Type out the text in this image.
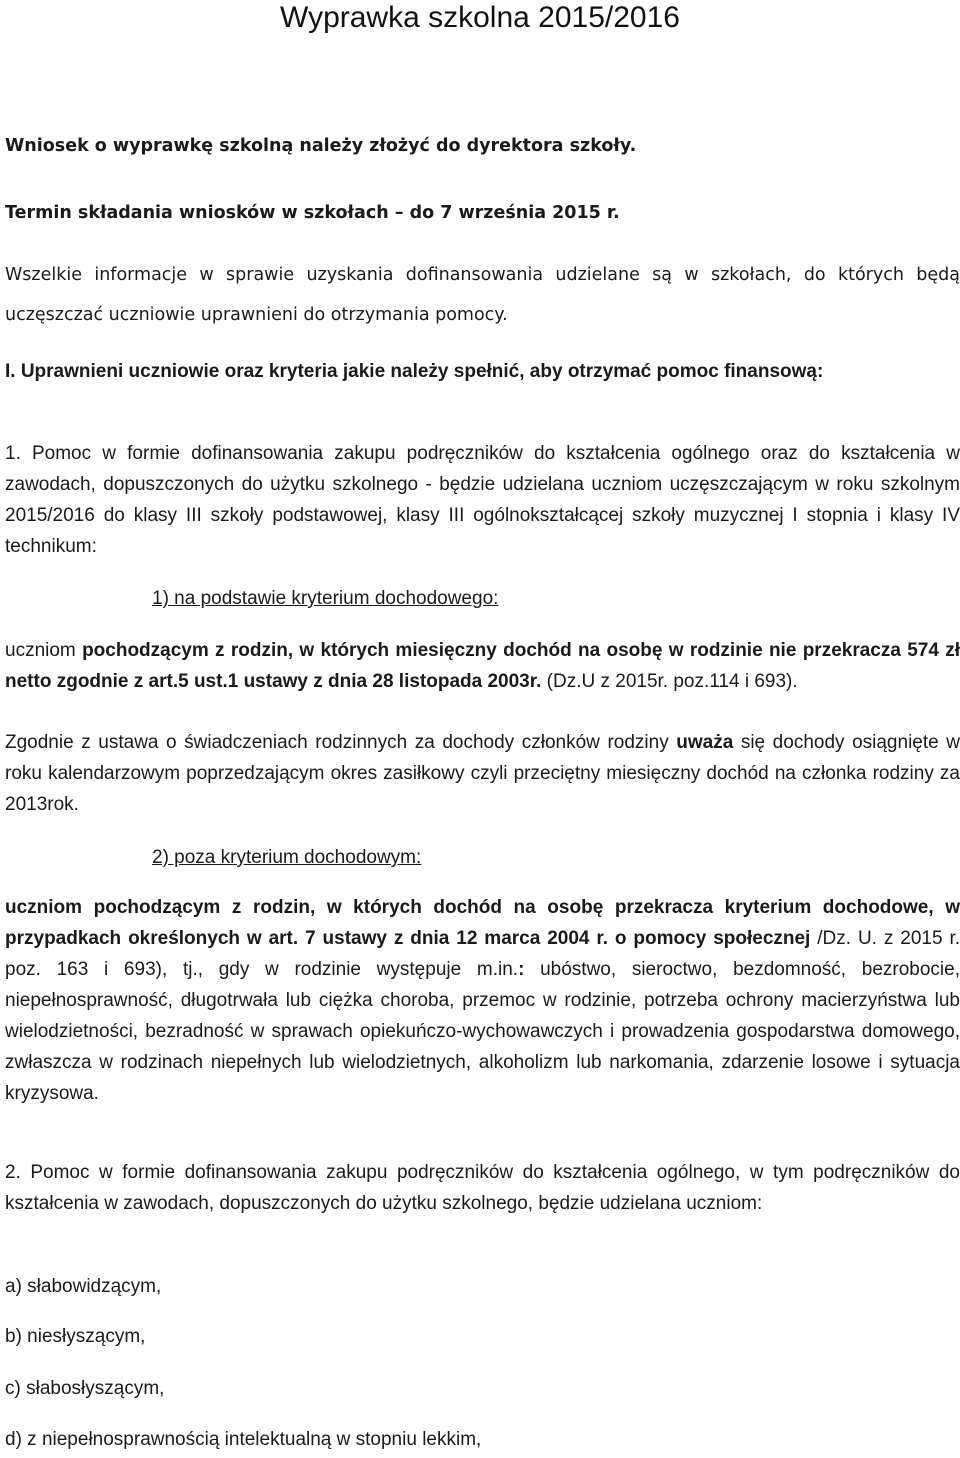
Wyprawka szkolna 2015/2016

Wniosek o wyprawkę szkolną należy złożyć do dyrektora szkoły.

Termin składania wniosków w szkołach – do 7 września 2015 r.

Wszelkie informacje w sprawie uzyskania dofinansowania udzielane są w szkołach, do których będą uczęszczać uczniowie uprawnieni do otrzymania pomocy.

I. Uprawnieni uczniowie oraz kryteria jakie należy spełnić, aby otrzymać pomoc finansową:

1. Pomoc w formie dofinansowania zakupu podręczników do kształcenia ogólnego oraz do kształcenia w zawodach, dopuszczonych do użytku szkolnego - będzie udzielana uczniom uczęszczającym w roku szkolnym 2015/2016 do klasy III szkoły podstawowej, klasy III ogólnokształcącej szkoły muzycznej I stopnia i klasy IV technikum:

1) na podstawie kryterium dochodowego:

uczniom pochodzącym z rodzin, w których miesięczny dochód na osobę w rodzinie nie przekracza 574 zł netto zgodnie z art.5 ust.1 ustawy z dnia 28 listopada 2003r. (Dz.U z 2015r. poz.114 i 693).

Zgodnie z ustawa o świadczeniach rodzinnych za dochody członków rodziny uważa się dochody osiągnięte w roku kalendarzowym poprzedzającym okres zasiłkowy czyli przeciętny miesięczny dochód na członka rodziny za 2013rok.

2) poza kryterium dochodowym:

uczniom pochodzącym z rodzin, w których dochód na osobę przekracza kryterium dochodowe, w przypadkach określonych w art. 7 ustawy z dnia 12 marca 2004 r. o pomocy społecznej /Dz. U. z 2015 r. poz. 163 i 693), tj., gdy w rodzinie występuje m.in.: ubóstwo, sieroctwo, bezdomność, bezrobocie, niepełnosprawność, długotrwała lub ciężka choroba, przemoc w rodzinie, potrzeba ochrony macierzyństwa lub wielodzietności, bezradność w sprawach opiekuńczo-wychowawczych i prowadzenia gospodarstwa domowego, zwłaszcza w rodzinach niepełnych lub wielodzietnych, alkoholizm lub narkomania, zdarzenie losowe i sytuacja kryzysowa.

2. Pomoc w formie dofinansowania zakupu podręczników do kształcenia ogólnego, w tym podręczników do kształcenia w zawodach, dopuszczonych do użytku szkolnego, będzie udzielana uczniom:

a) słabowidzącym,
b) niesłyszącym,
c) słabosłyszącym,
d) z niepełnosprawnością intelektualną w stopniu lekkim,
